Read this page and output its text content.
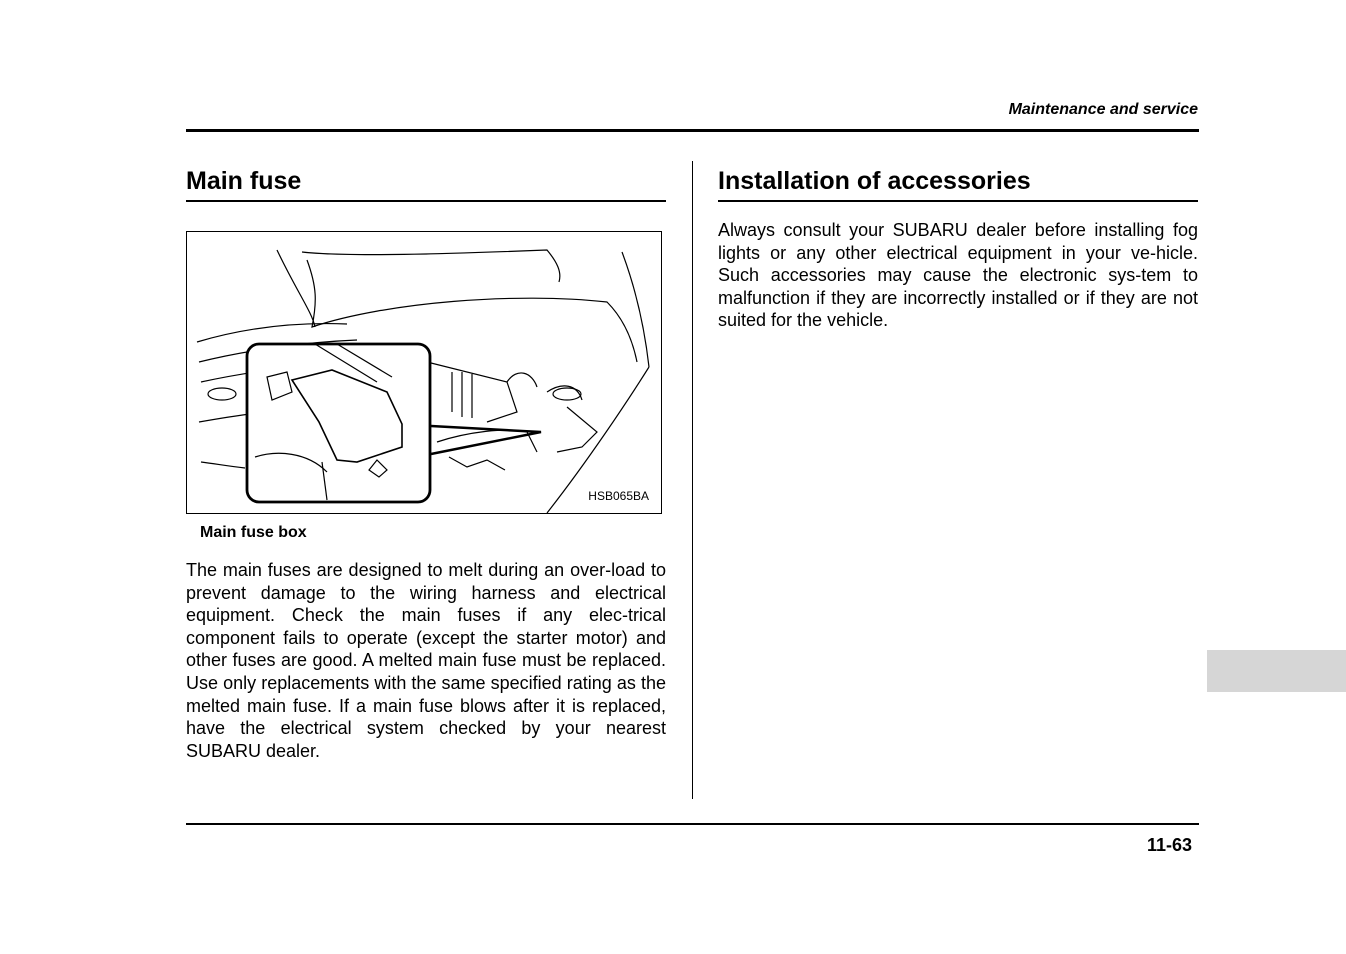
Maintenance and service
Main fuse
HSB065BA
Main fuse box

The main fuses are designed to melt during an over-load to prevent damage to the wiring harness and electrical equipment. Check the main fuses if any elec-trical component fails to operate (except the starter motor) and other fuses are good. A melted main fuse must be replaced. Use only replacements with the same specified rating as the melted main fuse. If a main fuse blows after it is replaced, have the electrical system checked by your nearest SUBARU dealer.

Installation of accessories

Always consult your SUBARU dealer before installing fog lights or any other electrical equipment in your ve-hicle. Such accessories may cause the electronic sys-tem to malfunction if they are incorrectly installed or if they are not suited for the vehicle.

11-63
